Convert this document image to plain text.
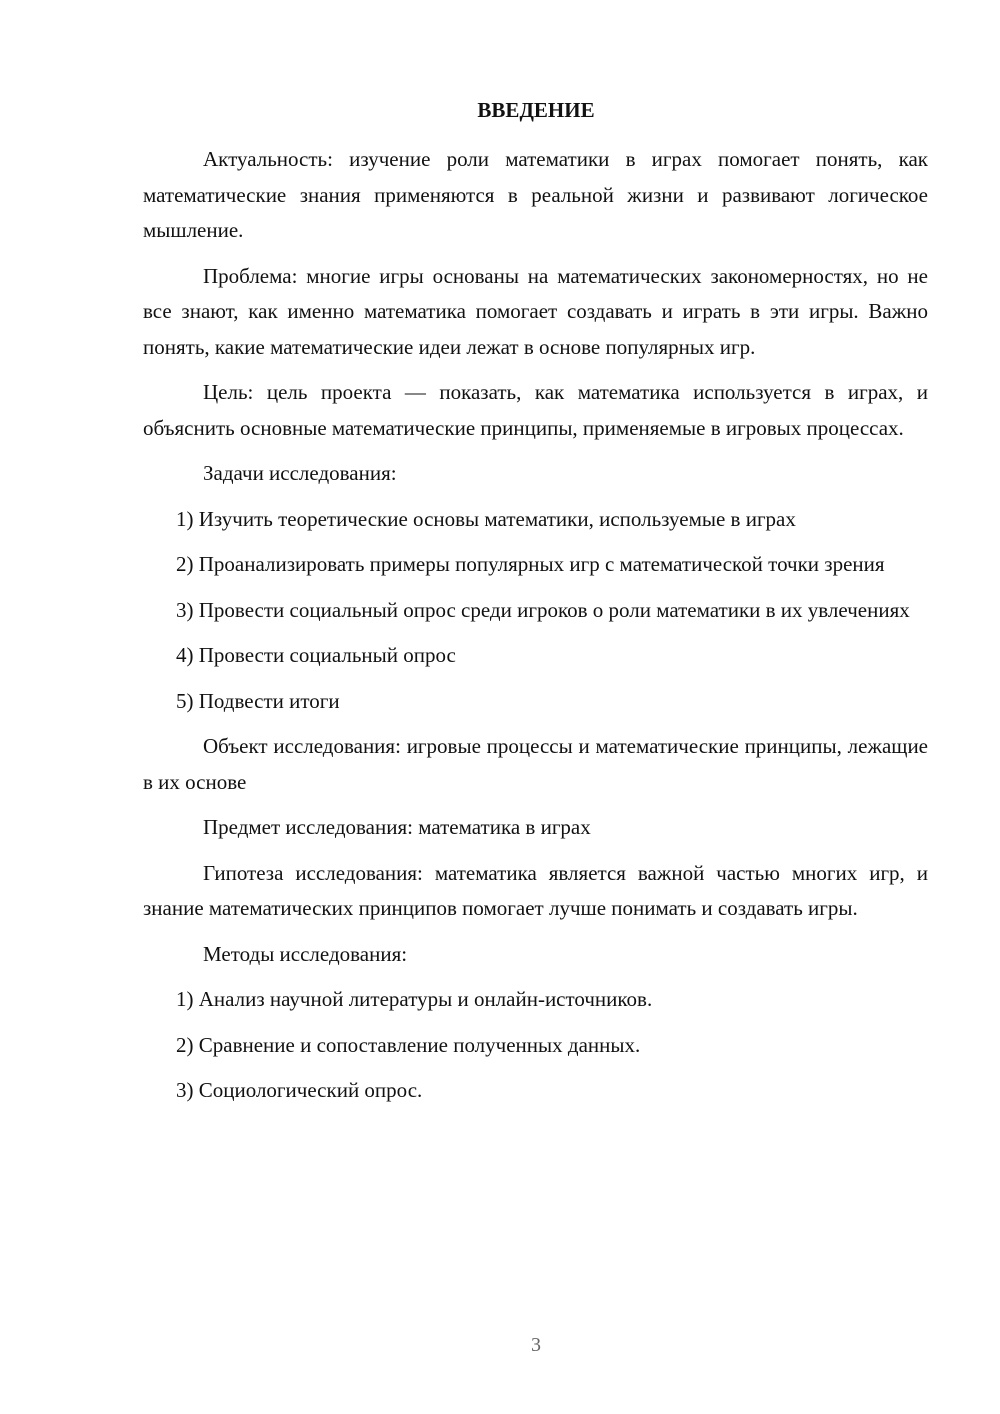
ВВЕДЕНИЕ

Актуальность: изучение роли математики в играх помогает понять, как математические знания применяются в реальной жизни и развивают логическое мышление.

Проблема: многие игры основаны на математических закономерностях, но не все знают, как именно математика помогает создавать и играть в эти игры. Важно понять, какие математические идеи лежат в основе популярных игр.

Цель: цель проекта — показать, как математика используется в играх, и объяснить основные математические принципы, применяемые в игровых процессах.

Задачи исследования:

1) Изучить теоретические основы математики, используемые в играх

2) Проанализировать примеры популярных игр с математической точки зрения

3) Провести социальный опрос среди игроков о роли математики в их увлечениях

4) Провести социальный опрос

5) Подвести итоги

Объект исследования: игровые процессы и математические принципы, лежащие в их основе

Предмет исследования: математика в играх

Гипотеза исследования: математика является важной частью многих игр, и знание математических принципов помогает лучше понимать и создавать игры.

Методы исследования:

1) Анализ научной литературы и онлайн-источников.

2) Сравнение и сопоставление полученных данных.

3) Социологический опрос.

3
